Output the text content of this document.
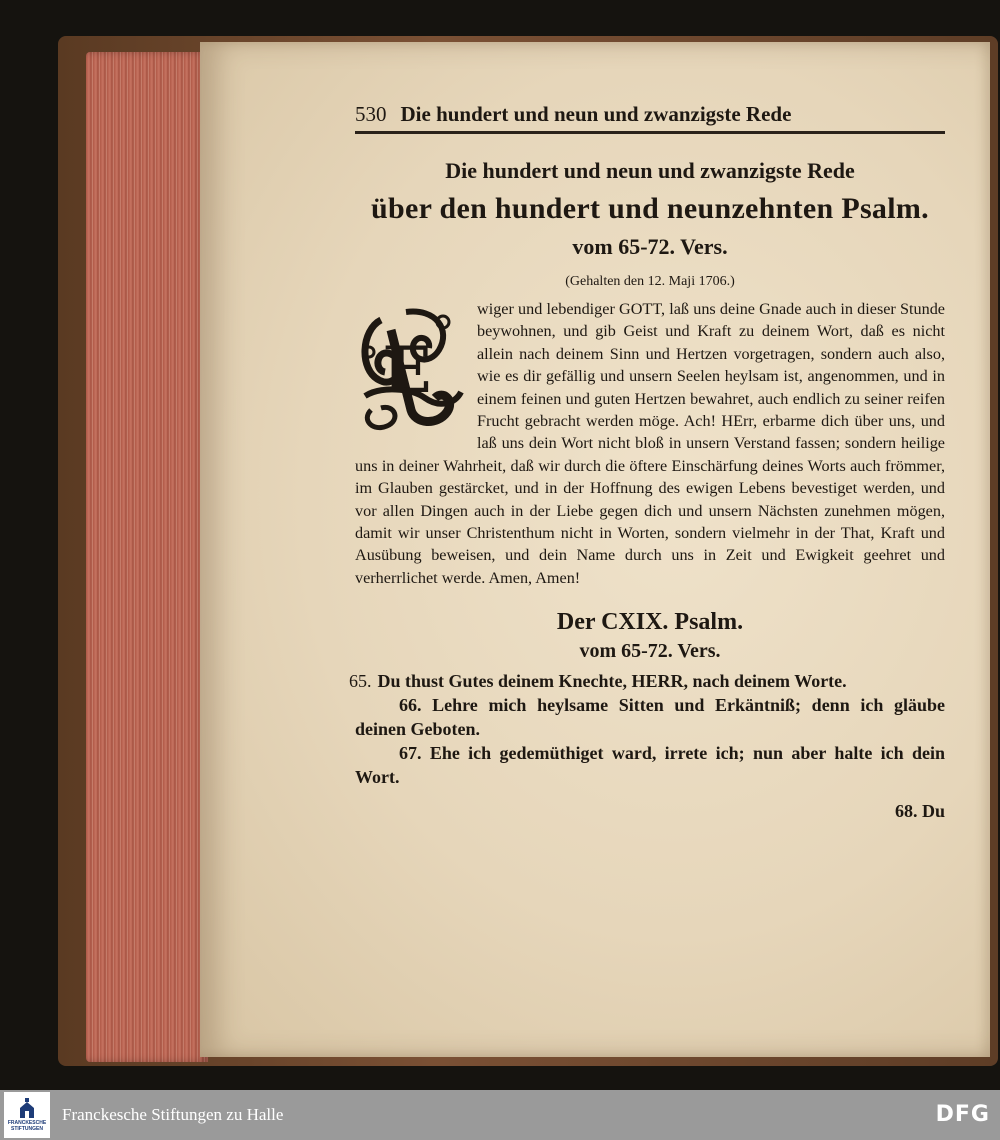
530 Die hundert und neun und zwanzigste Rede
Die hundert und neun und zwanzigste Rede
über den hundert und neunzehnten Psalm.
vom 65-72. Vers.
(Gehalten den 12. Maji 1706.)
E
wiger und lebendiger GOTT, laß uns deine Gnade auch in dieser Stunde beywohnen, und gib Geist und Kraft zu deinem Wort, daß es nicht allein nach deinem Sinn und Hertzen vorgetragen, sondern auch also, wie es dir gefällig und unsern Seelen heylsam ist, angenommen, und in einem feinen und guten Hertzen bewahret, auch endlich zu seiner reifen Frucht gebracht werden möge. Ach! HErr, erbarme dich über uns, und laß uns dein Wort nicht bloß in unsern Verstand fassen; sondern heilige uns in deiner Wahrheit, daß wir durch die öftere Einschärfung deines Worts auch frömmer, im Glauben gestärcket, und in der Hoffnung des ewigen Lebens bevestiget werden, und vor allen Dingen auch in der Liebe gegen dich und unsern Nächsten zunehmen mögen, damit wir unser Christenthum nicht in Worten, sondern vielmehr in der That, Kraft und Ausübung beweisen, und dein Name durch uns in Zeit und Ewigkeit geehret und verherrlichet werde. Amen, Amen!
Der CXIX. Psalm.
vom 65-72. Vers.
65. Du thust Gutes deinem Knechte, HERR, nach deinem Worte.

66. Lehre mich heylsame Sitten und Erkäntniß; denn ich gläube deinen Geboten.

67. Ehe ich gedemüthiget ward, irrete ich; nun aber halte ich dein Wort.

68. Du
FRANCKESCHE STIFTUNGEN
Franckesche Stiftungen zu Halle	DFG
